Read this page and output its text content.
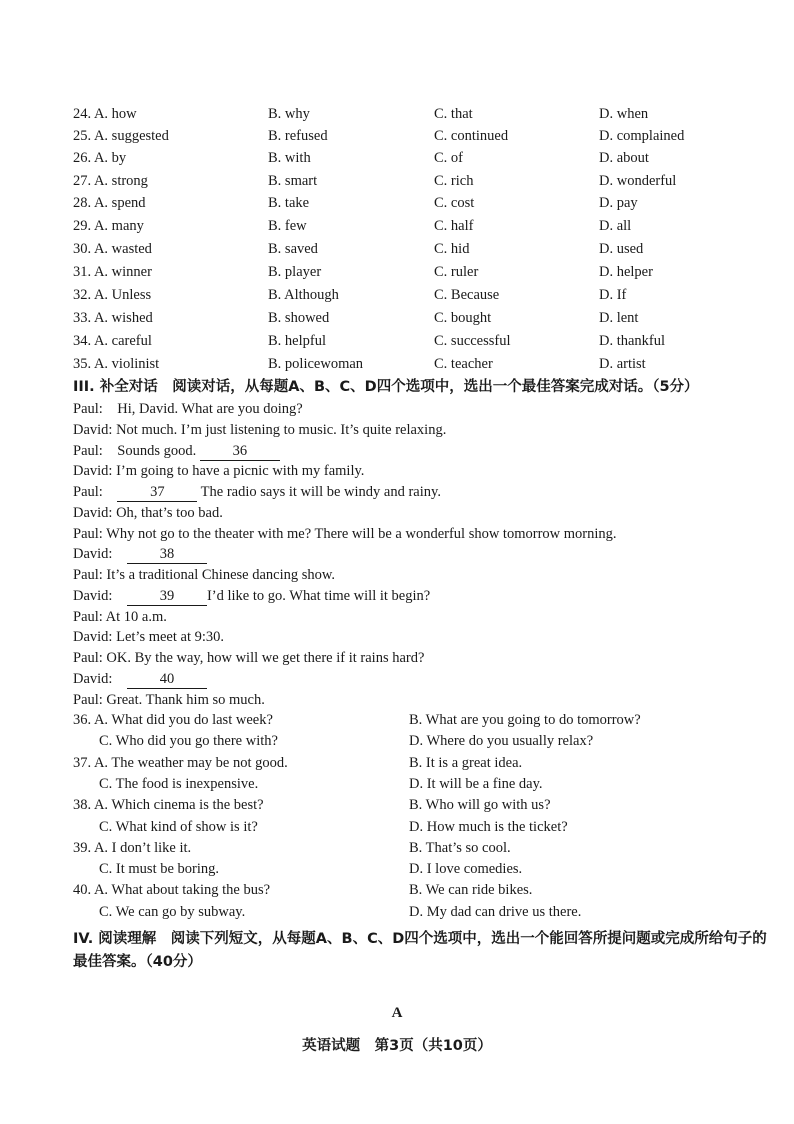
24. A. how	B. why	C. that	D. when
25. A. suggested	B. refused	C. continued	D. complained
26. A. by	B. with	C. of	D. about
27. A. strong	B. smart	C. rich	D. wonderful
28. A. spend	B. take	C. cost	D. pay
29. A. many	B. few	C. half	D. all
30. A. wasted	B. saved	C. hid	D. used
31. A. winner	B. player	C. ruler	D. helper
32. A. Unless	B. Although	C. Because	D. If
33. A. wished	B. showed	C. bought	D. lent
34. A. careful	B. helpful	C. successful	D. thankful
35. A. violinist	B. policewoman	C. teacher	D. artist
III. 补全对话　阅读对话，从每题A、B、C、D四个选项中，选出一个最佳答案完成对话。（5分）
Paul:　Hi, David. What are you doing?
David: Not much. I’m just listening to music. It’s quite relaxing.
Paul:　Sounds good. 36
David: I’m going to have a picnic with my family.
Paul:　37 The radio says it will be windy and rainy.
David: Oh, that’s too bad.
Paul: Why not go to the theater with me? There will be a wonderful show tomorrow morning.
David:　38
Paul: It’s a traditional Chinese dancing show.
David:　39 I’d like to go. What time will it begin?
Paul: At 10 a.m.
David: Let’s meet at 9:30.
Paul: OK. By the way, how will we get there if it rains hard?
David:　40
Paul: Great. Thank him so much.
36. A. What did you do last week?	B. What are you going to do tomorrow?
C. Who did you go there with?	D. Where do you usually relax?
37. A. The weather may be not good.	B. It is a great idea.
C. The food is inexpensive.	D. It will be a fine day.
38. A. Which cinema is the best?	B. Who will go with us?
C. What kind of show is it?	D. How much is the ticket?
39. A. I don’t like it.	B. That’s so cool.
C. It must be boring.	D. I love comedies.
40. A. What about taking the bus?	B. We can ride bikes.
C. We can go by subway.	D. My dad can drive us there.
IV. 阅读理解　阅读下列短文，从每题A、B、C、D四个选项中，选出一个能回答所提问题或完成所给句子的最佳答案。（40分）
A
英语试题　第3页（共10页）
